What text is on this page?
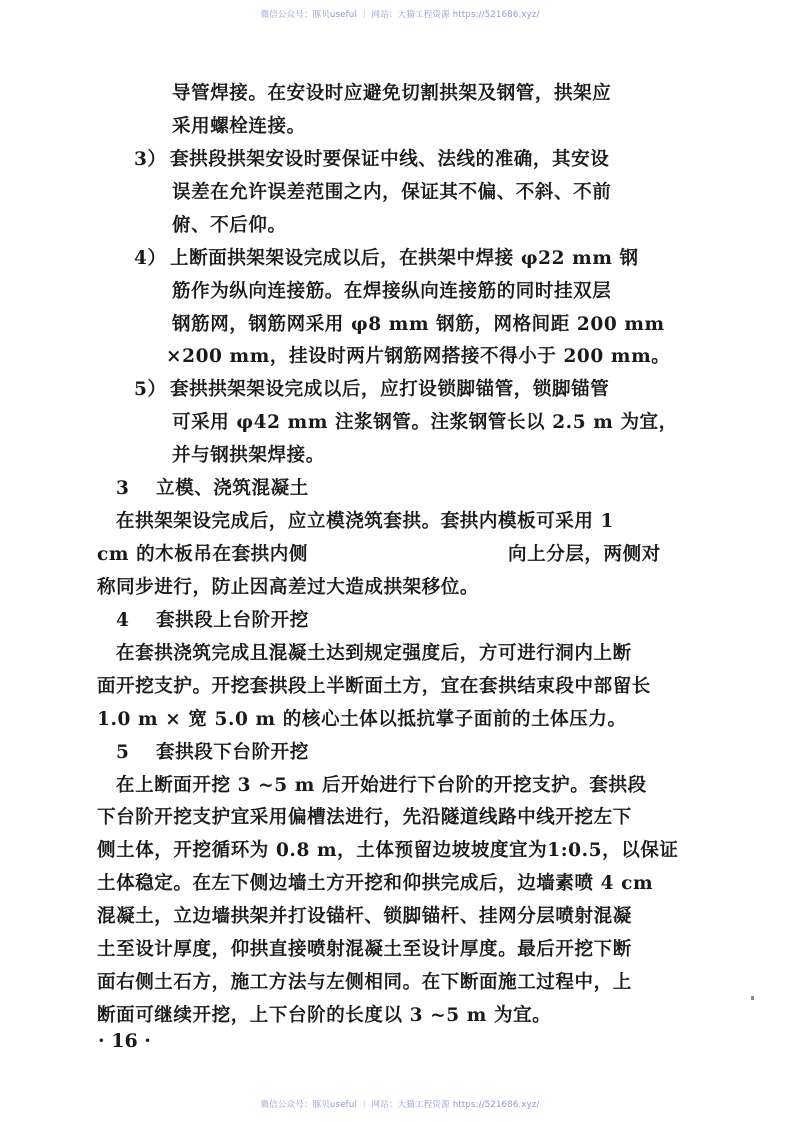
微信公众号：豚贝useful ｜ 网站：大猫工程资源 https://521686.xyz/
导管焊接。在安设时应避免切割拱架及钢管，拱架应
采用螺栓连接。
3） 套拱段拱架安设时要保证中线、法线的准确，其安设
误差在允许误差范围之内，保证其不偏、不斜、不前
俯、不后仰。
4） 上断面拱架架设完成以后，在拱架中焊接 φ22 mm 钢
筋作为纵向连接筋。在焊接纵向连接筋的同时挂双层
钢筋网，钢筋网采用 φ8 mm 钢筋，网格间距 200 mm
×200 mm，挂设时两片钢筋网搭接不得小于 200 mm。
5） 套拱拱架架设完成以后，应打设锁脚锚管，锁脚锚管
可采用 φ42 mm 注浆钢管。注浆钢管长以 2.5 m 为宜，
并与钢拱架焊接。
3 立模、浇筑混凝土
在拱架架设完成后，应立模浇筑套拱。套拱内模板可采用 1
cm 的木板吊在套拱内侧	向上分层，两侧对
称同步进行，防止因高差过大造成拱架移位。
4 套拱段上台阶开挖
在套拱浇筑完成且混凝土达到规定强度后，方可进行洞内上断
面开挖支护。开挖套拱段上半断面土方，宜在套拱结束段中部留长
1.0 m × 宽 5.0 m 的核心土体以抵抗掌子面前的土体压力。
5 套拱段下台阶开挖
在上断面开挖 3 ~5 m 后开始进行下台阶的开挖支护。套拱段
下台阶开挖支护宜采用偏槽法进行，先沿隧道线路中线开挖左下
侧土体，开挖循环为 0.8 m，土体预留边坡坡度宜为1:0.5，以保证
土体稳定。在左下侧边墙土方开挖和仰拱完成后，边墙素喷 4 cm
混凝土，立边墙拱架并打设锚杆、锁脚锚杆、挂网分层喷射混凝
土至设计厚度，仰拱直接喷射混凝土至设计厚度。最后开挖下断
面右侧土石方，施工方法与左侧相同。在下断面施工过程中，上
断面可继续开挖，上下台阶的长度以 3 ~5 m 为宜。
微信公众号：豚贝useful ｜ 网站：大猫工程资源 https://521686.xyz/
· 16 ·
